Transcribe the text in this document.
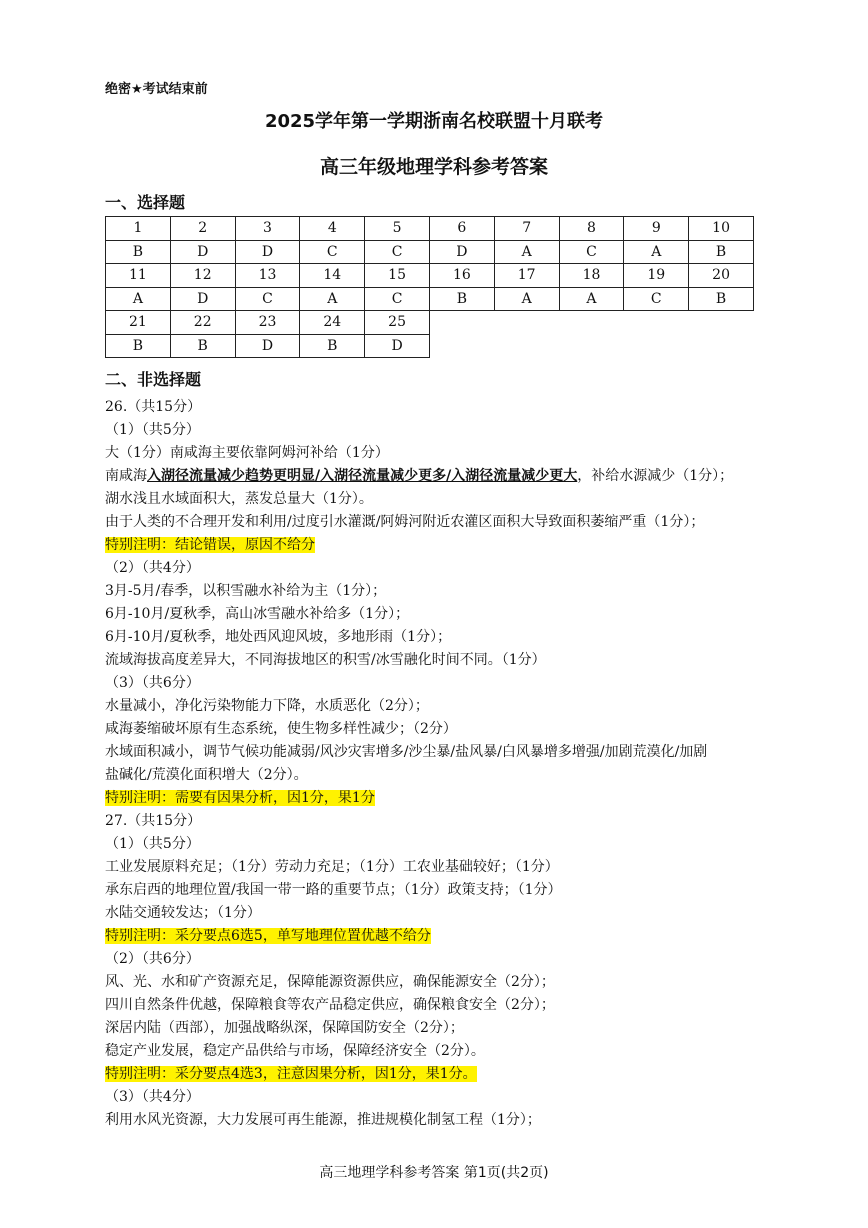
绝密★考试结束前
2025学年第一学期浙南名校联盟十月联考
高三年级地理学科参考答案
一、选择题
1	2	3	4	5	6	7	8	9	10
B	D	D	C	C	D	A	C	A	B
11	12	13	14	15	16	17	18	19	20
A	D	C	A	C	B	A	A	C	B
21	22	23	24	25					
B	B	D	B	D					
二、非选择题
26.（共15分）
（1）（共5分）
大（1分）南咸海主要依靠阿姆河补给（1分）
南咸海入湖径流量减少趋势更明显/入湖径流量减少更多/入湖径流量减少更大，补给水源减少（1分）；
湖水浅且水域面积大，蒸发总量大（1分）。
由于人类的不合理开发和利用/过度引水灌溉/阿姆河附近农灌区面积大导致面积萎缩严重（1分）；
特别注明：结论错误，原因不给分
（2）（共4分）
3月-5月/春季，以积雪融水补给为主（1分）；
6月-10月/夏秋季，高山冰雪融水补给多（1分）；
6月-10月/夏秋季，地处西风迎风坡，多地形雨（1分）；
流域海拔高度差异大，不同海拔地区的积雪/冰雪融化时间不同。（1分）
（3）（共6分）
水量减小，净化污染物能力下降，水质恶化（2分）；
咸海萎缩破坏原有生态系统，使生物多样性减少；（2分）
水域面积减小，调节气候功能减弱/风沙灾害增多/沙尘暴/盐风暴/白风暴增多增强/加剧荒漠化/加剧
盐碱化/荒漠化面积增大（2分）。
特别注明：需要有因果分析，因1分，果1分
27.（共15分）
（1）（共5分）
工业发展原料充足；（1分）劳动力充足；（1分）工农业基础较好；（1分）
承东启西的地理位置/我国一带一路的重要节点；（1分）政策支持；（1分）
水陆交通较发达；（1分）
特别注明：采分要点6选5，单写地理位置优越不给分
（2）（共6分）
风、光、水和矿产资源充足，保障能源资源供应，确保能源安全（2分）；
四川自然条件优越，保障粮食等农产品稳定供应，确保粮食安全（2分）；
深居内陆（西部），加强战略纵深，保障国防安全（2分）；
稳定产业发展，稳定产品供给与市场，保障经济安全（2分）。
特别注明：采分要点4选3，注意因果分析，因1分，果1分。
（3）（共4分）
利用水风光资源，大力发展可再生能源，推进规模化制氢工程（1分）；
高三地理学科参考答案 第1页(共2页)
